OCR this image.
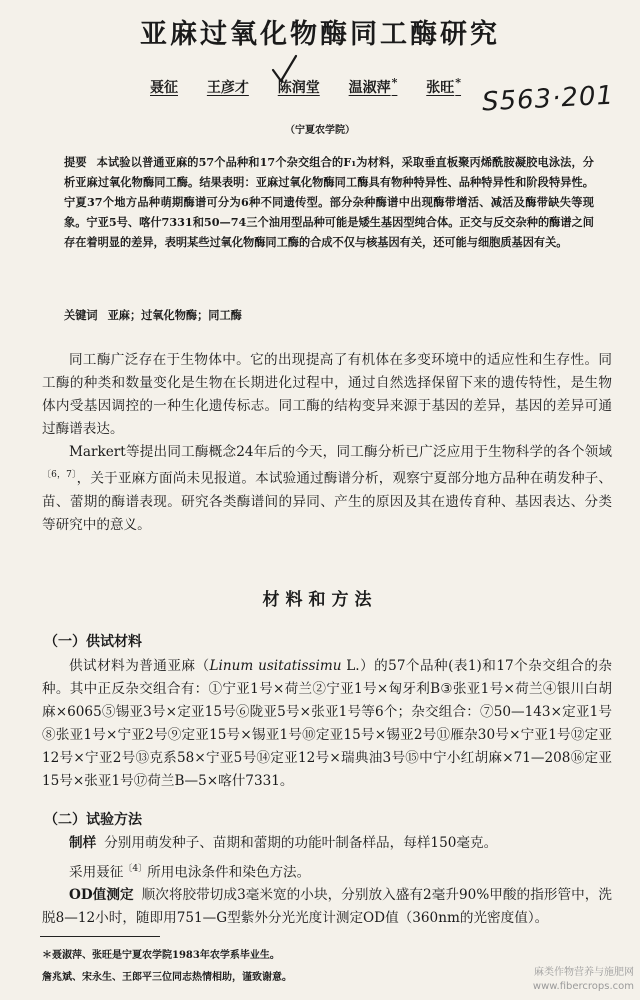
亚麻过氧化物酶同工酶研究
聂征 王彦才 陈润堂 温淑萍* 张旺* S563·201
（宁夏农学院）
提要 本试验以普通亚麻的57个品种和17个杂交组合的F₁为材料，采取垂直板聚丙烯酰胺凝胶电泳法，分析亚麻过氧化物酶同工酶。结果表明：亚麻过氧化物酶同工酶具有物种特异性、品种特异性和阶段特异性。宁夏37个地方品种萌期酶谱可分为6种不同遗传型。部分杂种酶谱中出现酶带增活、减活及酶带缺失等现象。宁亚5号、喀什7331和50—74三个油用型品种可能是矮生基因型纯合体。正交与反交杂种的酶谱之间存在着明显的差异，表明某些过氧化物酶同工酶的合成不仅与核基因有关，还可能与细胞质基因有关。
关键词 亚麻；过氧化物酶；同工酶
同工酶广泛存在于生物体中。它的出现提高了有机体在多变环境中的适应性和生存性。同工酶的种类和数量变化是生物在长期进化过程中，通过自然选择保留下来的遗传特性，是生物体内受基因调控的一种生化遗传标志。同工酶的结构变异来源于基因的差异，基因的差异可通过酶谱表达。
Markert等提出同工酶概念24年后的今天，同工酶分析已广泛应用于生物科学的各个领域$^{〔6,7〕}$，关于亚麻方面尚未见报道。本试验通过酶谱分析，观察宁夏部分地方品种在萌发种子、苗、蕾期的酶谱表现。研究各类酶谱间的异同、产生的原因及其在遗传育种、基因表达、分类等研究中的意义。
材料和方法
（一）供试材料
供试材料为普通亚麻（Linum usitatissimu L.）的57个品种(表1)和17个杂交组合的杂种。其中正反杂交组合有：①宁亚1号×荷兰②宁亚1号×匈牙利B③张亚1号×荷兰④银川白胡麻×6065⑤锡亚3号×定亚15号⑥陇亚5号×张亚1号等6个；杂交组合：⑦50—143×定亚1号⑧张亚1号×宁亚2号⑨定亚15号×锡亚1号⑩定亚15号×锡亚2号⑪雁杂30号×宁亚1号⑫定亚12号×宁亚2号⑬克系58×宁亚5号⑭定亚12号×瑞典油3号⑮中宁小红胡麻×71—208⑯定亚15号×张亚1号⑰荷兰B—5×喀什7331。
（二）试验方法
制样 分别用萌发种子、苗期和蕾期的功能叶制备样品，每样150毫克。
采用聂征$^{〔4〕}$所用电泳条件和染色方法。
OD值测定 顺次将胶带切成3毫米宽的小块，分别放入盛有2毫升90%甲酸的指形管中，洗脱8—12小时，随即用751—G型紫外分光光度计测定OD值（360nm的光密度值）。
＊聂淑萍、张旺是宁夏农学院1983年农学系毕业生。
詹兆斌、宋永生、王郎平三位同志热情相助，谨致谢意。	麻类作物营养与施肥网
www.fibercrops.com
